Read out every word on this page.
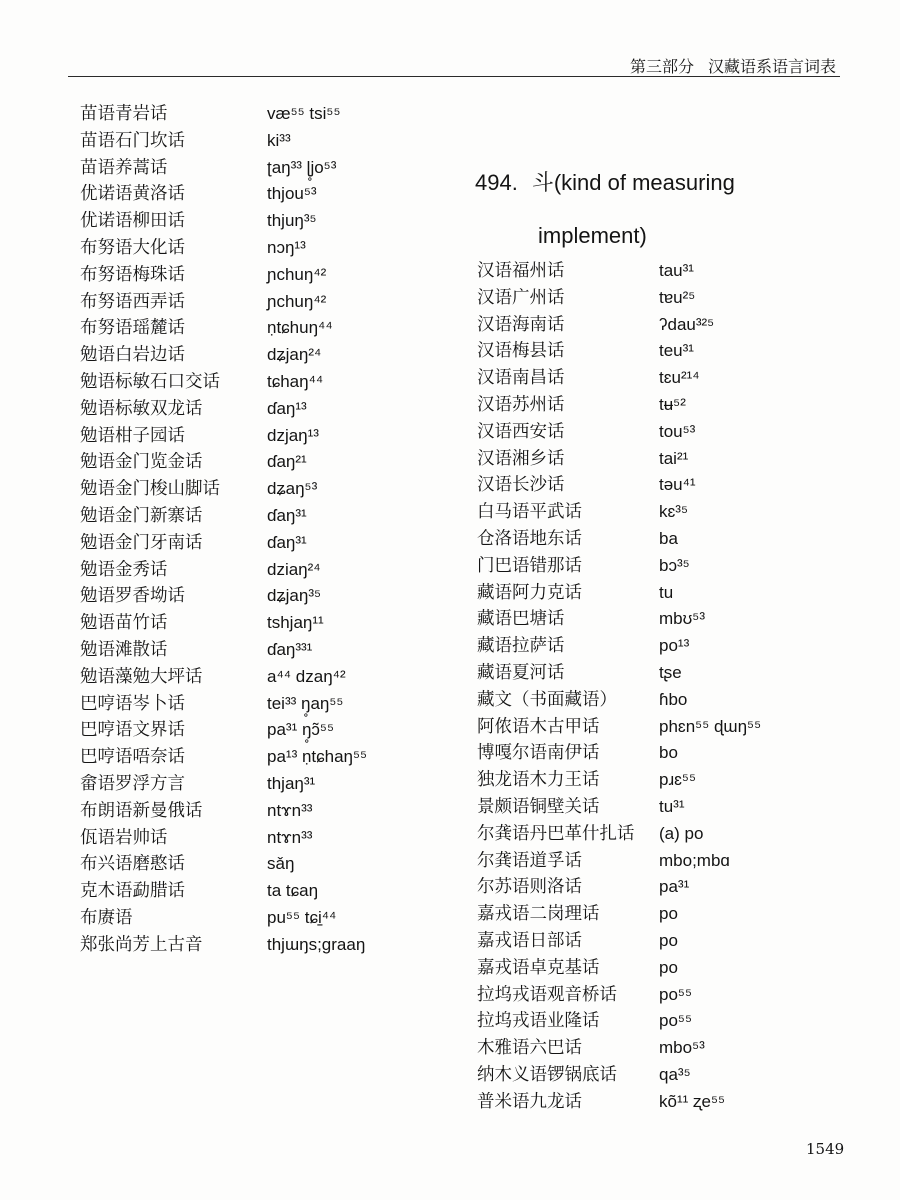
第三部分 汉藏语系语言词表
苗语青岩话	væ⁵⁵ tsi⁵⁵
苗语石门坎话	ki³³
苗语养蒿话	ʈaŋ³³ ɭ̥jo⁵³
优诺语黄洛话	thjou⁵³
优诺语柳田话	thjuŋ³⁵
布努语大化话	nɔŋ¹³
布努语梅珠话	ɲchuŋ⁴²
布努语西弄话	ɲchuŋ⁴²
布努语瑶麓话	ṇtɕhuŋ⁴⁴
勉语白岩边话	dʑjaŋ²⁴
勉语标敏石口交话	tɕhaŋ⁴⁴
勉语标敏双龙话	ɗaŋ¹³
勉语柑子园话	dzjaŋ¹³
勉语金门览金话	ɗaŋ²¹
勉语金门梭山脚话	dʑaŋ⁵³
勉语金门新寨话	ɗaŋ³¹
勉语金门牙南话	ɗaŋ³¹
勉语金秀话	dziaŋ²⁴
勉语罗香坳话	dʑjaŋ³⁵
勉语苗竹话	tshjaŋ¹¹
勉语滩散话	ɗaŋ³³¹
勉语藻勉大坪话	a⁴⁴ dzaŋ⁴²
巴哼语岑卜话	tei³³ ŋ̥aŋ⁵⁵
巴哼语文界话	pa³¹ ŋ̥ɔ̃⁵⁵
巴哼语唔奈话	pa¹³ ṇtɕhaŋ⁵⁵
畲语罗浮方言	thjaŋ³¹
布朗语新曼俄话	ntɤn³³
佤语岩帅话	ntɤn³³
布兴语磨憨话	sǎŋ
克木语勐腊话	ta tɕaŋ
布赓语	pu⁵⁵ tɕi̠⁴⁴
郑张尚芳上古音	thjɯŋs;graaŋ
494. 斗(kind of measuring
implement)
汉语福州话	tau³¹
汉语广州话	tɐu²⁵
汉语海南话	ʔdau³²⁵
汉语梅县话	teu³¹
汉语南昌话	tɛu²¹⁴
汉语苏州话	tʉ⁵²
汉语西安话	tou⁵³
汉语湘乡话	tai²¹
汉语长沙话	təu⁴¹
白马语平武话	kɛ³⁵
仓洛语地东话	ba
门巴语错那话	bɔ³⁵
藏语阿力克话	tu
藏语巴塘话	mbʊ⁵³
藏语拉萨话	po¹³
藏语夏河话	tʂe
藏文（书面藏语） ɦbo
阿侬语木古甲话	phɛn⁵⁵ ɖɯŋ⁵⁵
博嘎尔语南伊话	bo
独龙语木力王话	pɹɛ⁵⁵
景颇语铜壁关话	tu³¹
尔龚语丹巴革什扎话 (a) po
尔龚语道孚话	mbo;mbɑ
尔苏语则洛话	pa³¹
嘉戎语二岗理话	po
嘉戎语日部话	po
嘉戎语卓克基话	po
拉坞戎语观音桥话 po⁵⁵
拉坞戎语业隆话	po⁵⁵
木雅语六巴话	mbo⁵³
纳木义语锣锅底话 qa³⁵
普米语九龙话	kõ¹¹ ʐe⁵⁵
1549
